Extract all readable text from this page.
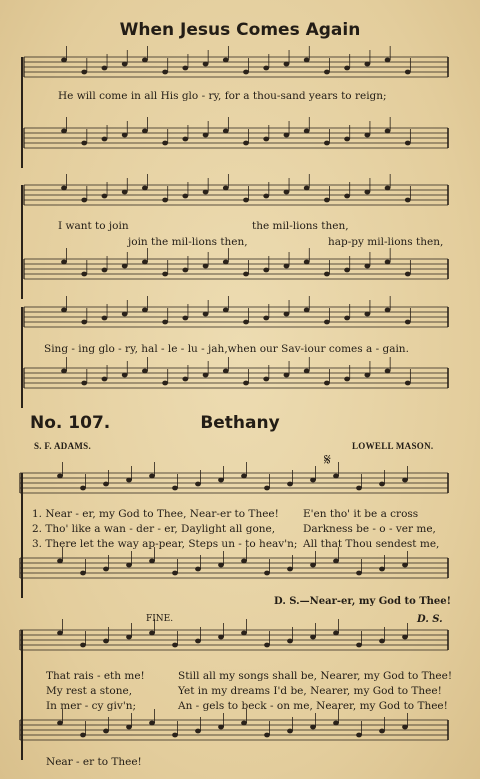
When Jesus Comes Again
He will come in all His glo - ry, for a thou-sand years to reign;
I want to join	the mil-lions then,
join the mil-lions then,	hap-py mil-lions then,
Sing - ing glo - ry, hal - le - lu - jah,when our Sav-iour comes a - gain.
No. 107.	Bethany
S. F. ADAMS.	LOWELL MASON.
𝄋
1. Near - er, my God to Thee, Near-er to Thee!
2. Tho' like a wan - der - er, Daylight all gone,
3. There let the way ap-pear, Steps un - to heav'n;
E'en tho' it be a cross
Darkness be - o - ver me,
All that Thou sendest me,
D. S.—Near-er, my God to Thee!
FINE.	D. S.
That rais - eth me!
My rest a stone,
In mer - cy giv'n;
Still all my songs shall be, Nearer, my God to Thee!
Yet in my dreams I'd be, Nearer, my God to Thee!
An - gels to beck - on me, Nearer, my God to Thee!
Near - er to Thee!
